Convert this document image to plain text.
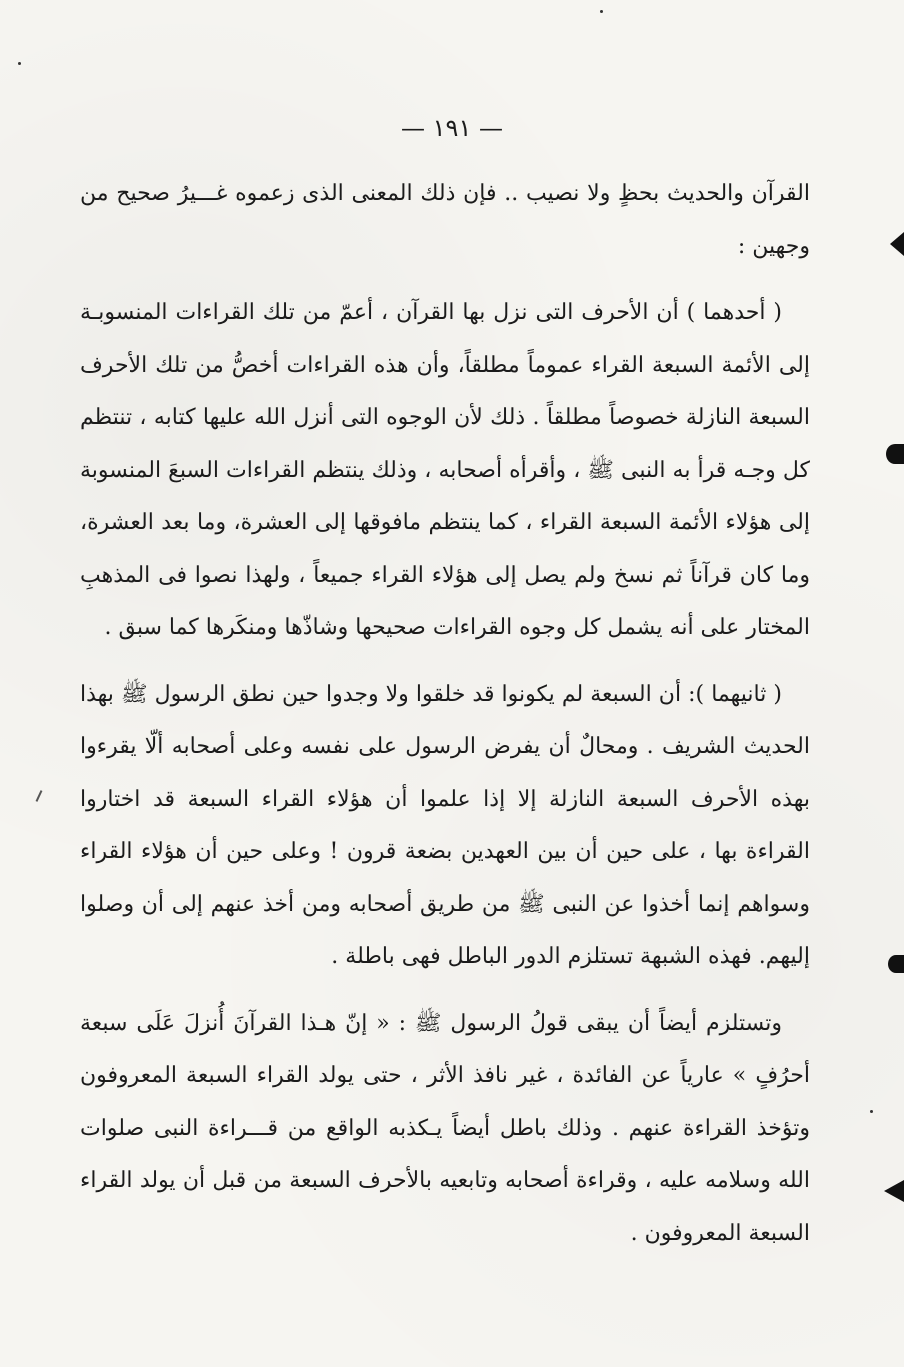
— ١٩١ —

القرآن والحديث بحظٍ ولا نصيب .. فإن ذلك المعنى الذى زعموه غـــيرُ صحيح من وجهين :

( أحدهما ) أن الأحرف التى نزل بها القرآن ، أعمّ من تلك القراءات المنسوبـة إلى الأئمة السبعة القراء عموماً مطلقاً، وأن هذه القراءات أخصُّ من تلك الأحرف السبعة النازلة خصوصاً مطلقاً . ذلك لأن الوجوه التى أنزل الله عليها كتابه ، تنتظم كل وجـه قرأ به النبى ﷺ ، وأقرأه أصحابه ، وذلك ينتظم القراءات السبعَ المنسوبة إلى هؤلاء الأئمة السبعة القراء ، كما ينتظم مافوقها إلى العشرة، وما بعد العشرة، وما كان قرآناً ثم نسخ ولم يصل إلى هؤلاء القراء جميعاً ، ولهذا نصوا فى المذهبِ المختار على أنه يشمل كل وجوه القراءات صحيحها وشاذّها ومنكَرها كما سبق .

( ثانيهما ): أن السبعة لم يكونوا قد خلقوا ولا وجدوا حين نطق الرسول ﷺ بهذا الحديث الشريف . ومحالٌ أن يفرض الرسول على نفسه وعلى أصحابه ألّا يقرءوا بهذه الأحرف السبعة النازلة إلا إذا علموا أن هؤلاء القراء السبعة قد اختاروا القراءة بها ، على حين أن بين العهدين بضعة قرون ! وعلى حين أن هؤلاء القراء وسواهم إنما أخذوا عن النبى ﷺ من طريق أصحابه ومن أخذ عنهم إلى أن وصلوا إليهم. فهذه الشبهة تستلزم الدور الباطل فهى باطلة .

وتستلزم أيضاً أن يبقى قولُ الرسول ﷺ : « إنّ هـذا القرآنَ أُنزلَ عَلَى سبعة أحرُفٍ » عارياً عن الفائدة ، غير نافذ الأثر ، حتى يولد القراء السبعة المعروفون وتؤخذ القراءة عنهم . وذلك باطل أيضاً يـكذبه الواقع من قـــراءة النبى صلوات الله وسلامه عليه ، وقراءة أصحابه وتابعيه بالأحرف السبعة من قبل أن يولد القراء السبعة المعروفون .
